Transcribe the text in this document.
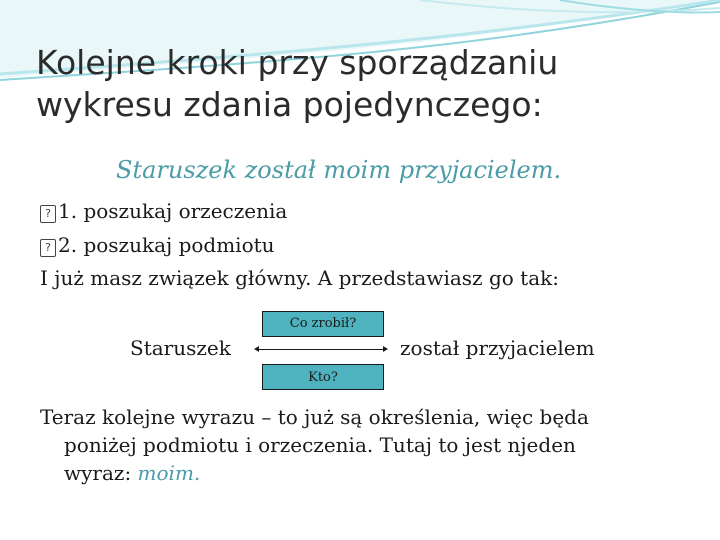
Kolejne kroki przy sporządzaniu
wykresu zdania pojedynczego:
Staruszek został moim przyjacielem.
? 1. poszukaj orzeczenia
? 2. poszukaj podmiotu
I już masz związek główny. A przedstawiasz go tak:
Staruszek
Co zrobił?
Kto?
został przyjacielem
Teraz kolejne wyrazu – to już są określenia, więc będa
poniżej podmiotu i orzeczenia. Tutaj to jest njeden
wyraz: moim.
